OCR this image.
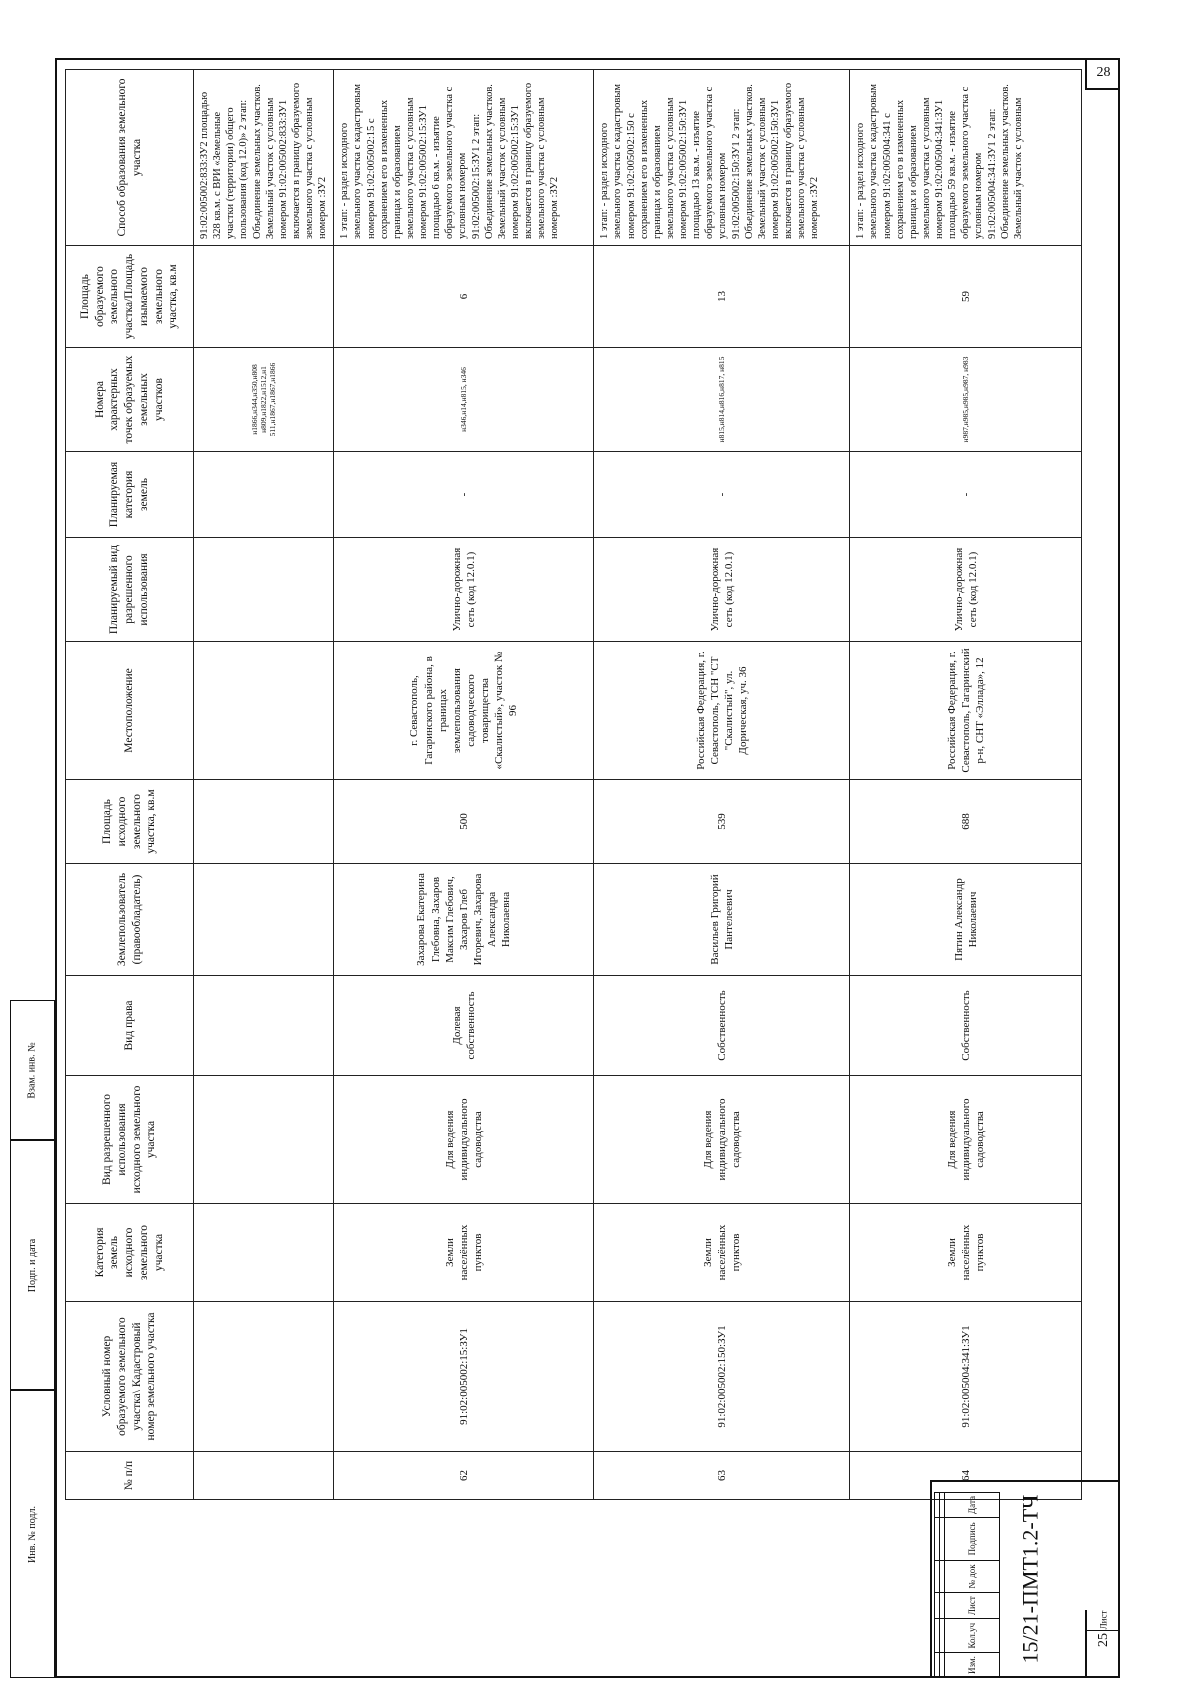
28
№ п/п	Условный номер образуемого земельного участка\ Кадастровый номер земельного участка	Категория земель исходного земельного участка	Вид разрешенного использования исходного земельного участка	Вид права	Землепользователь (правообладатель)	Площадь исходного земельного участка, кв.м	Местоположение	Планируемый вид разрешенного использования	Планируемая категория земель	Номера характерных точек образуемых земельных участков	Площадь образуемого земельного участка/Площадь изымаемого земельного участка, кв.м	Способ образования земельного участка
										н1866,н344,н350,н808 н809,н1822,н1512,н1 511,н1867,н1867,н1866		91:02:005002:833:ЗУ2 площадью 328 кв.м. с ВРИ «Земельные участки (территории) общего пользования (код 12.0)» 2 этап: Объединение земельных участков. Земельный участок с условным номером 91:02:005002:833:ЗУ1 включается в границу образуемого земельного участка с условным номером :ЗУ2
62	91:02:005002:15:ЗУ1	Земли населённых пунктов	Для ведения индивидуального садоводства	Долевая собственность	Захарова Екатерина Глебовна, Захаров Максим Глебович, Захаров Глеб Игоревич, Захарова Александра Николаевна	500	г. Севастополь, Гагаринского района, в границах землепользования садоводческого товарищества «Скалистый», участок № 96	Улично-дорожная сеть (код 12.0.1)	-	н346,н14,н815, н346	6	1 этап: - раздел исходного земельного участка с кадастровым номером 91:02:005002:15 с сохранением его в измененных границах и образованием земельного участка с условным номером 91:02:005002:15:ЗУ1 площадью 6 кв.м. - изъятие образуемого земельного участка с условным номером 91:02:005002:15:ЗУ1 2 этап: Объединение земельных участков. Земельный участок с условным номером 91:02:005002:15:ЗУ1 включается в границу образуемого земельного участка с условным номером :ЗУ2
63	91:02:005002:150:ЗУ1	Земли населённых пунктов	Для ведения индивидуального садоводства	Собственность	Васильев Григорий Пантелеевич	539	Российская Федерация, г. Севастополь, ТСН "СТ "Скалистый", ул. Дорическая, уч. 36	Улично-дорожная сеть (код 12.0.1)	-	н815,н814,н816,н817, н815	13	1 этап: - раздел исходного земельного участка с кадастровым номером 91:02:005002:150 с сохранением его в измененных границах и образованием земельного участка с условным номером 91:02:005002:150:ЗУ1 площадью 13 кв.м. - изъятие образуемого земельного участка с условным номером 91:02:005002:150:ЗУ1 2 этап: Объединение земельных участков. Земельный участок с условным номером 91:02:005002:150:ЗУ1 включается в границу образуемого земельного участка с условным номером :ЗУ2
64	91:02:005004:341:ЗУ1	Земли населённых пунктов	Для ведения индивидуального садоводства	Собственность	Пятин Александр Николаевич	688	Российская Федерация, г. Севастополь, Гагаринский р-н, СНТ «Эллада», 12	Улично-дорожная сеть (код 12.0.1)	-	н987,н985,н985,н987, н983	59	1 этап: - раздел исходного земельного участка с кадастровым номером 91:02:005004:341 с сохранением его в измененных границах и образованием земельного участка с условным номером 91:02:005004:341:ЗУ1 площадью 59 кв.м. - изъятие образуемого земельного участка с условным номером 91:02:005004:341:ЗУ1 2 этап: Объединение земельных участков. Земельный участок с условным

Изм.	Кол.уч	Лист	№ док	Подпись	Дата 15/21-ПМТ1.2-ТЧ	Лист
25
Взам. инв. №
Подп. и дата
Инв. № подл.
